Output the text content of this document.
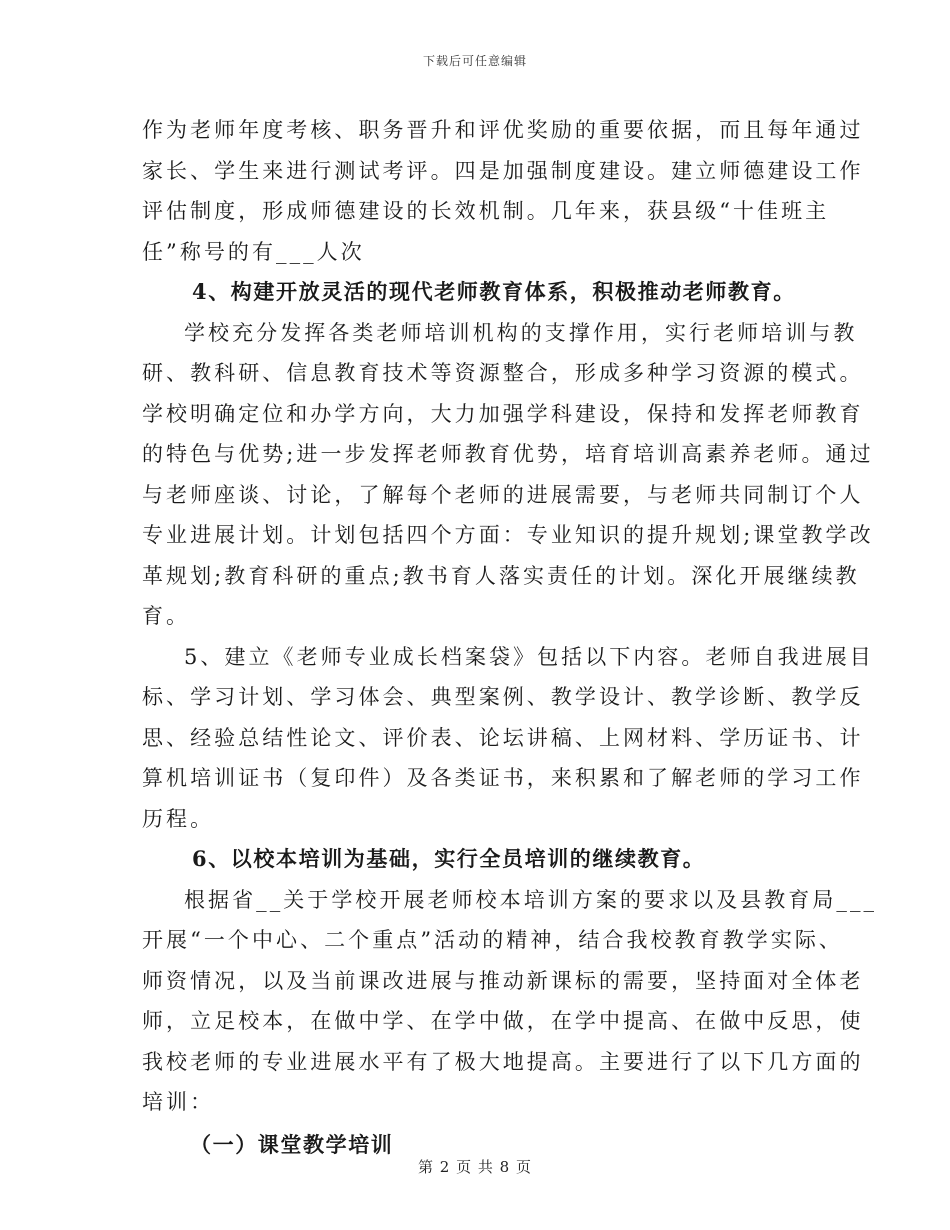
下载后可任意编辑
作为老师年度考核、职务晋升和评优奖励的重要依据，而且每年通过
家长、学生来进行测试考评。四是加强制度建设。建立师德建设工作
评估制度，形成师德建设的长效机制。几年来，获县级“十佳班主
任”称号的有___人次
4、构建开放灵活的现代老师教育体系，积极推动老师教育。
学校充分发挥各类老师培训机构的支撑作用，实行老师培训与教
研、教科研、信息教育技术等资源整合，形成多种学习资源的模式。
学校明确定位和办学方向，大力加强学科建设，保持和发挥老师教育
的特色与优势;进一步发挥老师教育优势，培育培训高素养老师。通过
与老师座谈、讨论，了解每个老师的进展需要，与老师共同制订个人
专业进展计划。计划包括四个方面：专业知识的提升规划;课堂教学改
革规划;教育科研的重点;教书育人落实责任的计划。深化开展继续教
育。
5、建立《老师专业成长档案袋》包括以下内容。老师自我进展目
标、学习计划、学习体会、典型案例、教学设计、教学诊断、教学反
思、经验总结性论文、评价表、论坛讲稿、上网材料、学历证书、计
算机培训证书（复印件）及各类证书，来积累和了解老师的学习工作
历程。
6、以校本培训为基础，实行全员培训的继续教育。
根据省__关于学校开展老师校本培训方案的要求以及县教育局___
开展“一个中心、二个重点”活动的精神，结合我校教育教学实际、
师资情况，以及当前课改进展与推动新课标的需要，坚持面对全体老
师，立足校本，在做中学、在学中做，在学中提高、在做中反思，使
我校老师的专业进展水平有了极大地提高。主要进行了以下几方面的
培训：
（一）课堂教学培训
第 2 页 共 8 页
